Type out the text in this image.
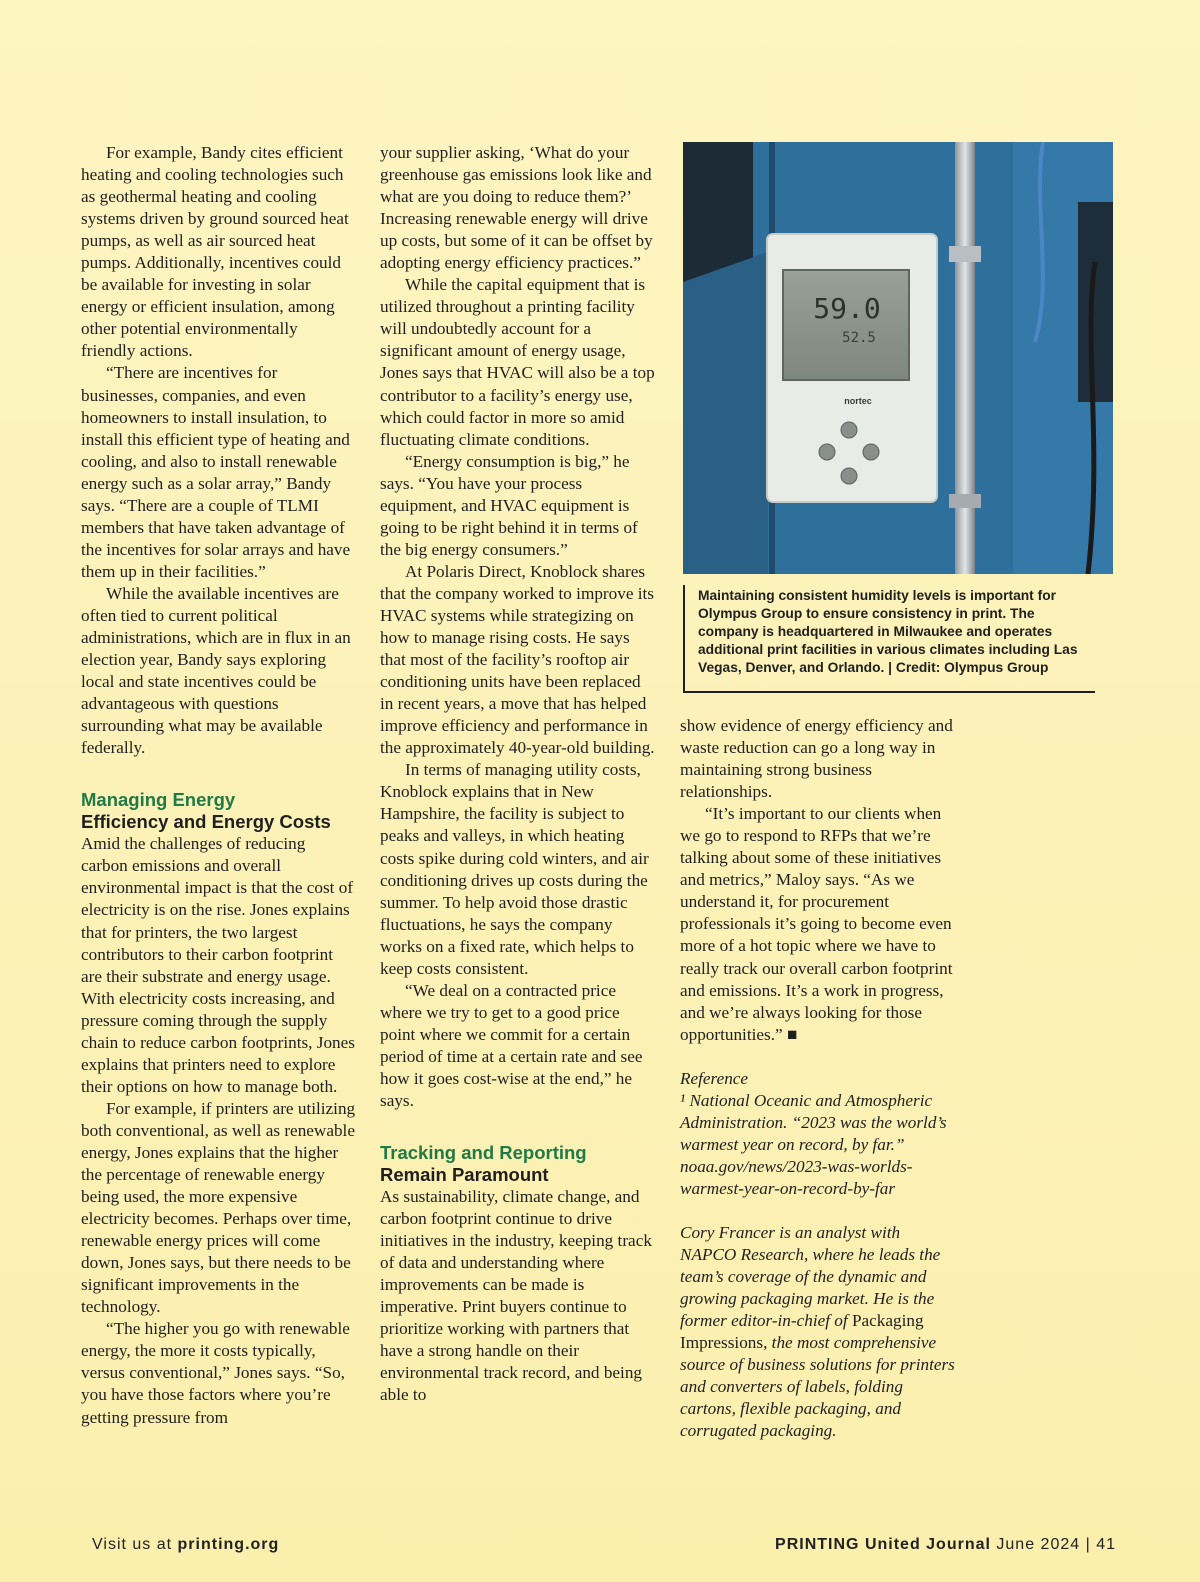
For example, Bandy cites efficient heating and cooling technologies such as geothermal heating and cooling systems driven by ground sourced heat pumps, as well as air sourced heat pumps. Additionally, incentives could be available for investing in solar energy or efficient insulation, among other potential environmentally friendly actions.

“There are incentives for businesses, companies, and even homeowners to install insulation, to install this efficient type of heating and cooling, and also to install renewable energy such as a solar array,” Bandy says. “There are a couple of TLMI members that have taken advantage of the incentives for solar arrays and have them up in their facilities.”

While the available incentives are often tied to current political administrations, which are in flux in an election year, Bandy says exploring local and state incentives could be advantageous with questions surrounding what may be available federally.

Managing Energy
Efficiency and Energy Costs

Amid the challenges of reducing carbon emissions and overall environmental impact is that the cost of electricity is on the rise. Jones explains that for printers, the two largest contributors to their carbon footprint are their substrate and energy usage. With electricity costs increasing, and pressure coming through the supply chain to reduce carbon footprints, Jones explains that printers need to explore their options on how to manage both.

For example, if printers are utilizing both conventional, as well as renewable energy, Jones explains that the higher the percentage of renewable energy being used, the more expensive electricity becomes. Perhaps over time, renewable energy prices will come down, Jones says, but there needs to be significant improvements in the technology.

“The higher you go with renewable energy, the more it costs typically, versus conventional,” Jones says. “So, you have those factors where you’re getting pressure from

your supplier asking, ‘What do your greenhouse gas emissions look like and what are you doing to reduce them?’ Increasing renewable energy will drive up costs, but some of it can be offset by adopting energy efficiency practices.”

While the capital equipment that is utilized throughout a printing facility will undoubtedly account for a significant amount of energy usage, Jones says that HVAC will also be a top contributor to a facility’s energy use, which could factor in more so amid fluctuating climate conditions.

“Energy consumption is big,” he says. “You have your process equipment, and HVAC equipment is going to be right behind it in terms of the big energy consumers.”

At Polaris Direct, Knoblock shares that the company worked to improve its HVAC systems while strategizing on how to manage rising costs. He says that most of the facility’s rooftop air conditioning units have been replaced in recent years, a move that has helped improve efficiency and performance in the approximately 40-year-old building.

In terms of managing utility costs, Knoblock explains that in New Hampshire, the facility is subject to peaks and valleys, in which heating costs spike during cold winters, and air conditioning drives up costs during the summer. To help avoid those drastic fluctuations, he says the company works on a fixed rate, which helps to keep costs consistent.

“We deal on a contracted price where we try to get to a good price point where we commit for a certain period of time at a certain rate and see how it goes cost-wise at the end,” he says.

Tracking and Reporting
Remain Paramount

As sustainability, climate change, and carbon footprint continue to drive initiatives in the industry, keeping track of data and understanding where improvements can be made is imperative. Print buyers continue to prioritize working with partners that have a strong handle on their environmental track record, and being able to

59.0
52.5
nortec
Maintaining consistent humidity levels is important for Olympus Group to ensure consistency in print. The company is headquartered in Milwaukee and operates additional print facilities in various climates including Las Vegas, Denver, and Orlando. | Credit: Olympus Group

show evidence of energy efficiency and waste reduction can go a long way in maintaining strong business relationships.

“It’s important to our clients when we go to respond to RFPs that we’re talking about some of these initiatives and metrics,” Maloy says. “As we understand it, for procurement professionals it’s going to become even more of a hot topic where we have to really track our overall carbon footprint and emissions. It’s a work in progress, and we’re always looking for those opportunities.” ■

Reference

¹ National Oceanic and Atmospheric Administration. “2023 was the world’s warmest year on record, by far.” noaa.gov/news/2023-was-worlds-warmest-year-on-record-by-far

Cory Francer is an analyst with NAPCO Research, where he leads the team’s coverage of the dynamic and growing packaging market. He is the former editor-in-chief of Packaging Impressions, the most comprehensive source of business solutions for printers and converters of labels, folding cartons, flexible packaging, and corrugated packaging.

Visit us at printing.org	PRINTING United Journal June 2024 | 41
